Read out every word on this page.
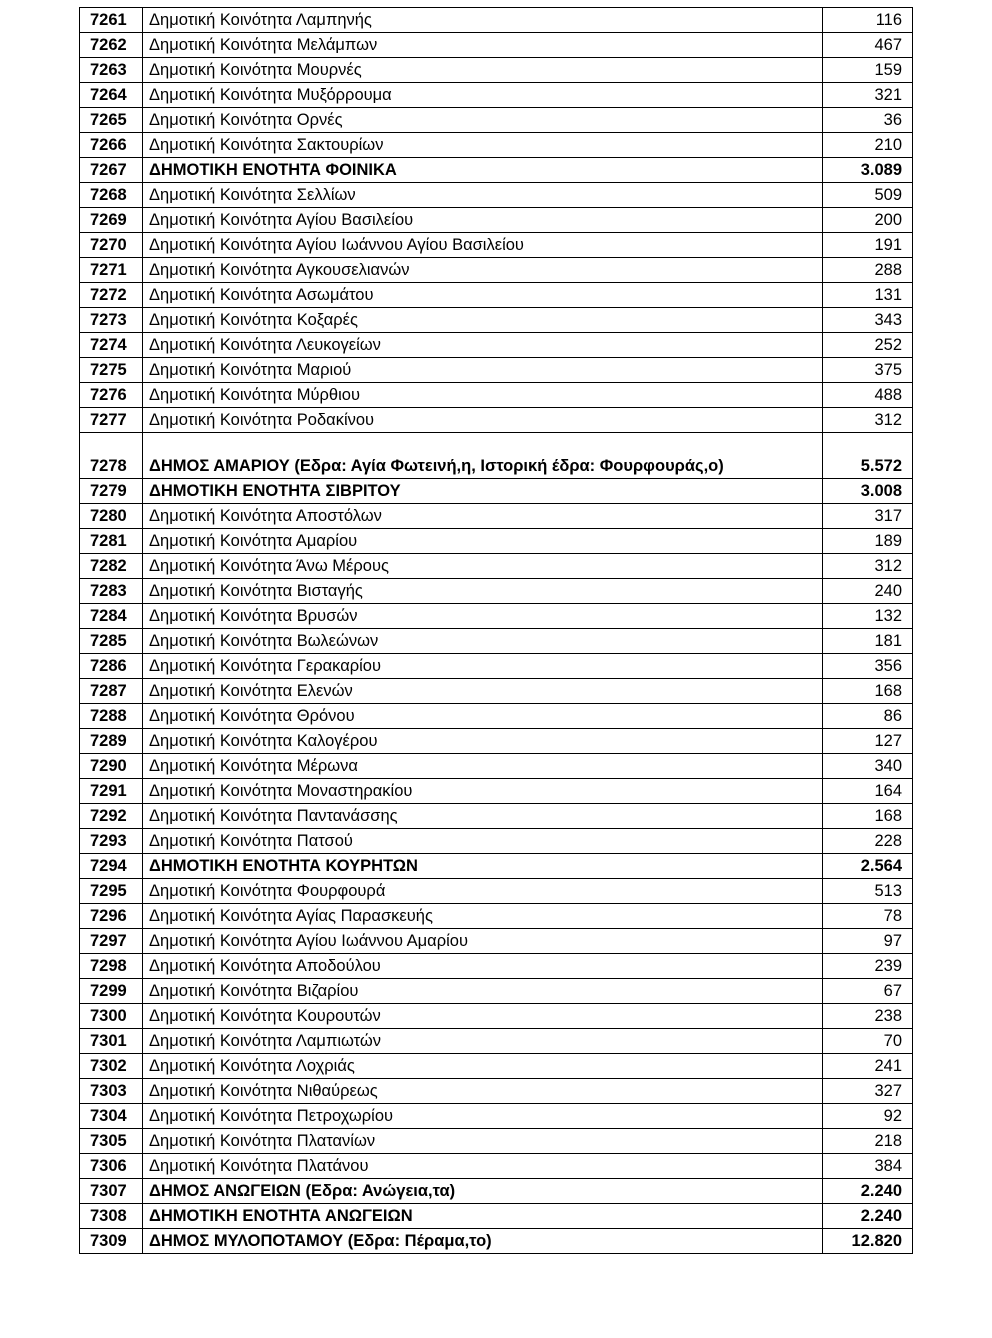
7261	Δημοτική Κοινότητα Λαμπηνής	116
7262	Δημοτική Κοινότητα Μελάμπων	467
7263	Δημοτική Κοινότητα Μουρνές	159
7264	Δημοτική Κοινότητα Μυξόρρουμα	321
7265	Δημοτική Κοινότητα Ορνές	36
7266	Δημοτική Κοινότητα Σακτουρίων	210
7267	ΔΗΜΟΤΙΚΗ ΕΝΟΤΗΤΑ ΦΟΙΝΙΚΑ	3.089
7268	Δημοτική Κοινότητα Σελλίων	509
7269	Δημοτική Κοινότητα Αγίου Βασιλείου	200
7270	Δημοτική Κοινότητα Αγίου Ιωάννου Αγίου Βασιλείου	191
7271	Δημοτική Κοινότητα Αγκουσελιανών	288
7272	Δημοτική Κοινότητα Ασωμάτου	131
7273	Δημοτική Κοινότητα Κοξαρές	343
7274	Δημοτική Κοινότητα Λευκογείων	252
7275	Δημοτική Κοινότητα Μαριού	375
7276	Δημοτική Κοινότητα Μύρθιου	488
7277	Δημοτική Κοινότητα Ροδακίνου	312
7278	ΔΗΜΟΣ ΑΜΑΡΙΟΥ (Εδρα: Αγία Φωτεινή,η, Ιστορική έδρα: Φουρφουράς,ο)	5.572
7279	ΔΗΜΟΤΙΚΗ ΕΝΟΤΗΤΑ ΣΙΒΡΙΤΟΥ	3.008
7280	Δημοτική Κοινότητα Αποστόλων	317
7281	Δημοτική Κοινότητα Αμαρίου	189
7282	Δημοτική Κοινότητα Άνω Μέρους	312
7283	Δημοτική Κοινότητα Βισταγής	240
7284	Δημοτική Κοινότητα Βρυσών	132
7285	Δημοτική Κοινότητα Βωλεώνων	181
7286	Δημοτική Κοινότητα Γερακαρίου	356
7287	Δημοτική Κοινότητα Ελενών	168
7288	Δημοτική Κοινότητα Θρόνου	86
7289	Δημοτική Κοινότητα Καλογέρου	127
7290	Δημοτική Κοινότητα Μέρωνα	340
7291	Δημοτική Κοινότητα Μοναστηρακίου	164
7292	Δημοτική Κοινότητα Παντανάσσης	168
7293	Δημοτική Κοινότητα Πατσού	228
7294	ΔΗΜΟΤΙΚΗ ΕΝΟΤΗΤΑ ΚΟΥΡΗΤΩΝ	2.564
7295	Δημοτική Κοινότητα Φουρφουρά	513
7296	Δημοτική Κοινότητα Αγίας Παρασκευής	78
7297	Δημοτική Κοινότητα Αγίου Ιωάννου Αμαρίου	97
7298	Δημοτική Κοινότητα Αποδούλου	239
7299	Δημοτική Κοινότητα Βιζαρίου	67
7300	Δημοτική Κοινότητα Κουρουτών	238
7301	Δημοτική Κοινότητα Λαμπιωτών	70
7302	Δημοτική Κοινότητα Λοχριάς	241
7303	Δημοτική Κοινότητα Νιθαύρεως	327
7304	Δημοτική Κοινότητα Πετροχωρίου	92
7305	Δημοτική Κοινότητα Πλατανίων	218
7306	Δημοτική Κοινότητα Πλατάνου	384
7307	ΔΗΜΟΣ ΑΝΩΓΕΙΩΝ (Εδρα: Ανώγεια,τα)	2.240
7308	ΔΗΜΟΤΙΚΗ ΕΝΟΤΗΤΑ ΑΝΩΓΕΙΩΝ	2.240
7309	ΔΗΜΟΣ ΜΥΛΟΠΟΤΑΜΟΥ (Εδρα: Πέραμα,το)	12.820
